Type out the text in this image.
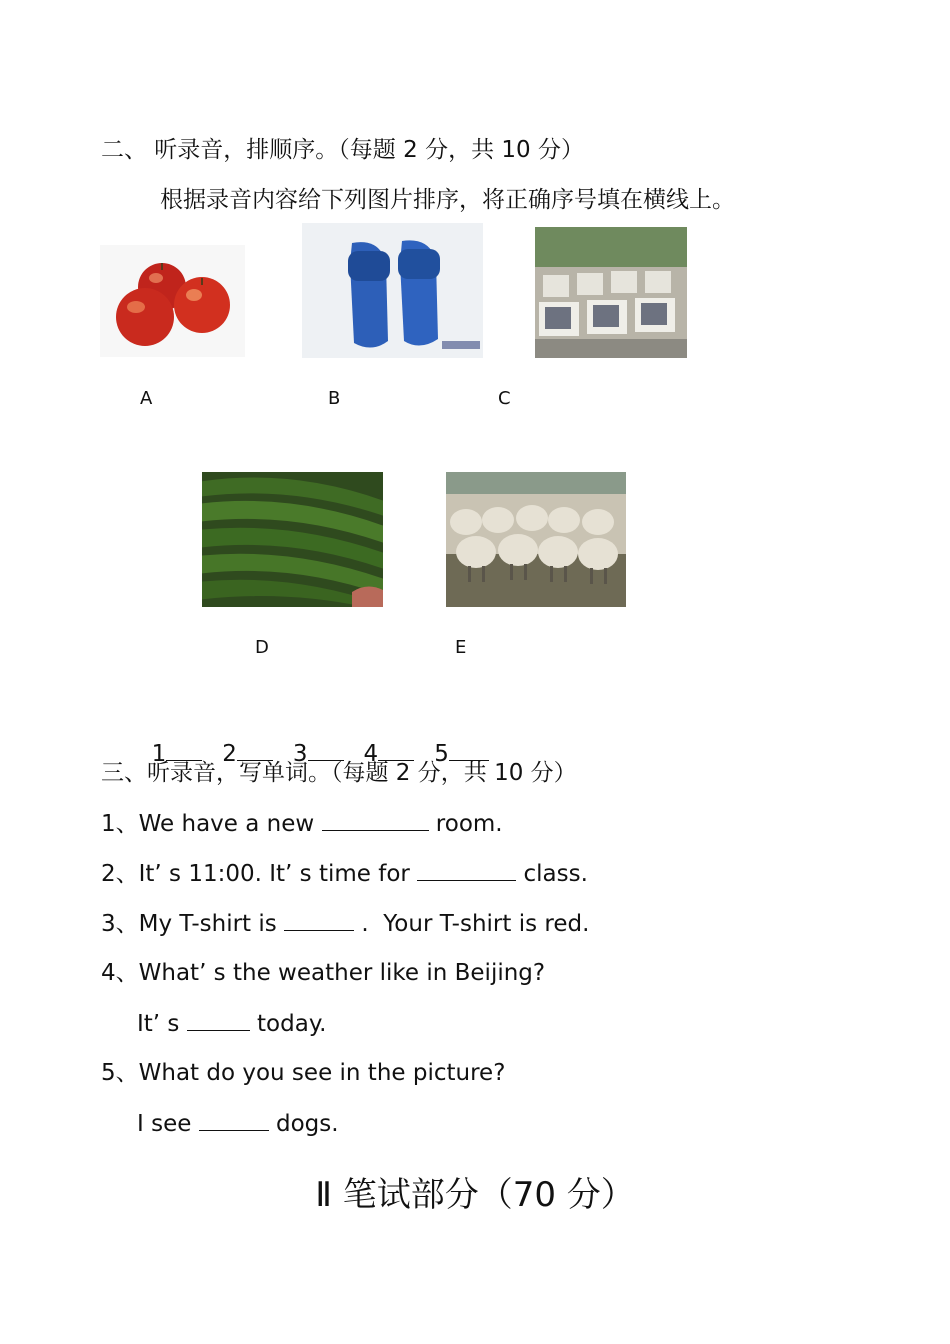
二、 听录音，排顺序。（每题 2 分，共 10 分）
根据录音内容给下列图片排序，将正确序号填在横线上。
A	B	C
D	E

1 2 3 4 5

三、听录音，写单词。（每题 2 分，共 10 分）
1、We have a new	room.
2、It’ s 11:00. It’ s time for	class.
3、My T-shirt is	.  Your T-shirt is red.
4、What’ s the weather like in Beijing?
It’ s	today.
5、What do you see in the picture?
I see	dogs.
Ⅱ 笔试部分（70 分）
